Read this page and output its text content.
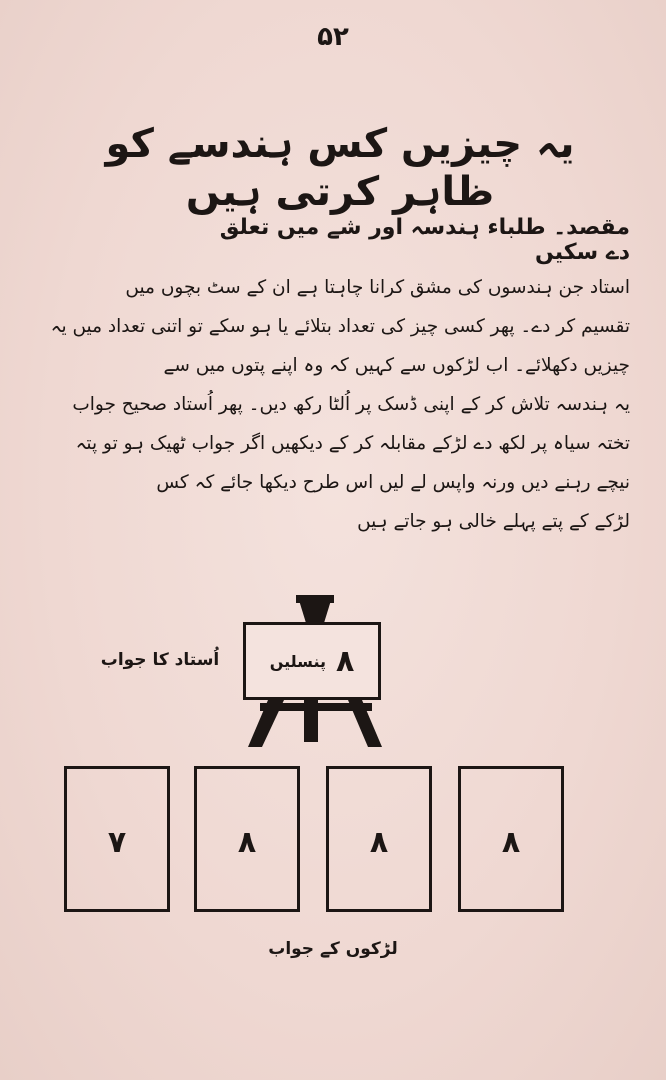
۵۲
یہ چیزیں کس ہندسے کو ظاہر کرتی ہیں
مقصد۔ طلباء ہندسہ اور شے میں تعلق دے سکیں
استاد جن ہندسوں کی مشق کرانا چاہتا ہے ان کے سٹ بچوں میں
تقسیم کر دے۔ پھر کسی چیز کی تعداد بتلائے یا ہو سکے تو اتنی تعداد میں یہ
چیزیں دکھلائے۔ اب لڑکوں سے کہیں کہ وہ اپنے پتوں میں سے
یہ ہندسہ تلاش کر کے اپنی ڈسک پر اُلٹا رکھ دیں۔ پھر اُستاد صحیح جواب
تختہ سیاہ پر لکھ دے لڑکے مقابلہ کر کے دیکھیں اگر جواب ٹھیک ہو تو پتہ
نیچے رہنے دیں ورنہ واپس لے لیں اس طرح دیکھا جائے کہ کس
لڑکے کے پتے پہلے خالی ہو جاتے ہیں
پنسلیں ۸
اُستاد کا جواب
۸
۸
۸
۷
لڑکوں کے جواب
